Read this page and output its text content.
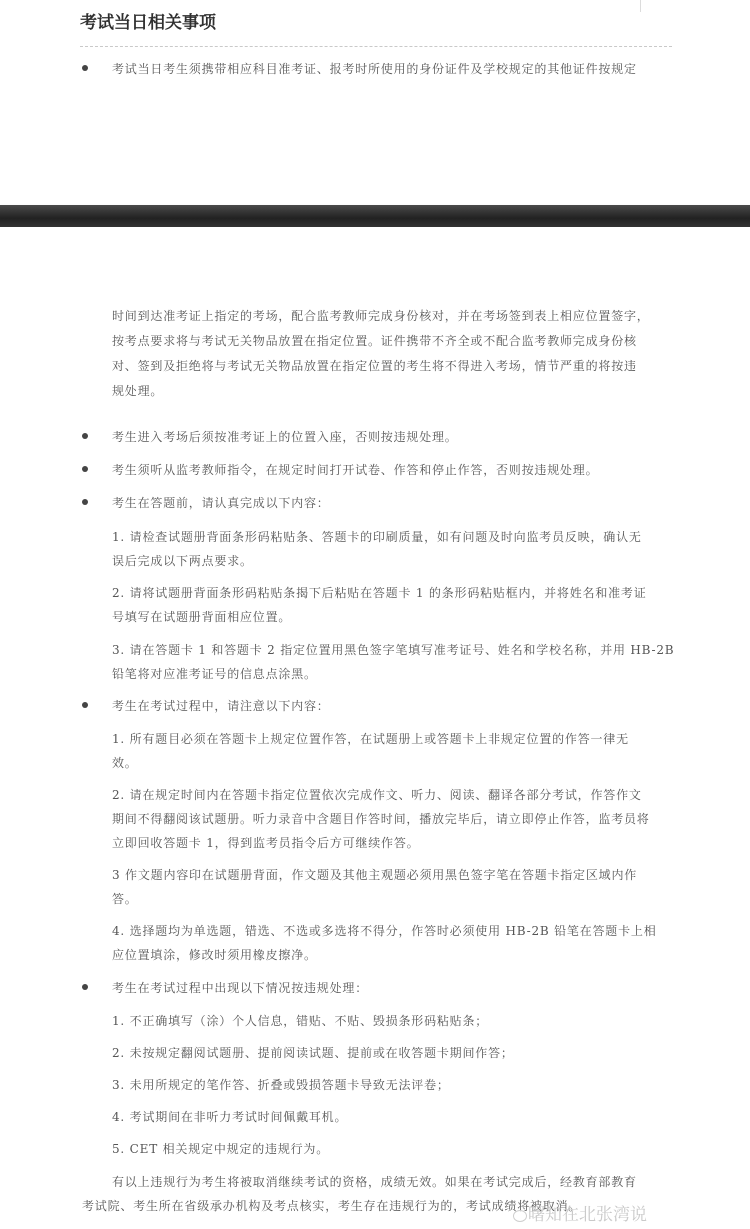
考试当日相关事项
考试当日考生须携带相应科目准考证、报考时所使用的身份证件及学校规定的其他证件按规定
时间到达准考证上指定的考场，配合监考教师完成身份核对，并在考场签到表上相应位置签字，
按考点要求将与考试无关物品放置在指定位置。证件携带不齐全或不配合监考教师完成身份核
对、签到及拒绝将与考试无关物品放置在指定位置的考生将不得进入考场，情节严重的将按违
规处理。
考生进入考场后须按准考证上的位置入座，否则按违规处理。
考生须听从监考教师指令，在规定时间打开试卷、作答和停止作答，否则按违规处理。
考生在答题前，请认真完成以下内容：
1. 请检查试题册背面条形码粘贴条、答题卡的印刷质量，如有问题及时向监考员反映，确认无
误后完成以下两点要求。
2. 请将试题册背面条形码粘贴条揭下后粘贴在答题卡 1 的条形码粘贴框内，并将姓名和准考证
号填写在试题册背面相应位置。
3. 请在答题卡 1 和答题卡 2 指定位置用黑色签字笔填写准考证号、姓名和学校名称，并用 HB-2B
铅笔将对应准考证号的信息点涂黑。
考生在考试过程中，请注意以下内容：
1. 所有题目必须在答题卡上规定位置作答，在试题册上或答题卡上非规定位置的作答一律无
效。
2. 请在规定时间内在答题卡指定位置依次完成作文、听力、阅读、翻译各部分考试，作答作文
期间不得翻阅该试题册。听力录音中含题目作答时间，播放完毕后，请立即停止作答，监考员将
立即回收答题卡 1，得到监考员指令后方可继续作答。
3 作文题内容印在试题册背面，作文题及其他主观题必须用黑色签字笔在答题卡指定区域内作
答。
4. 选择题均为单选题，错选、不选或多选将不得分，作答时必须使用 HB-2B 铅笔在答题卡上相
应位置填涂，修改时须用橡皮擦净。
考生在考试过程中出现以下情况按违规处理：
1. 不正确填写（涂）个人信息，错贴、不贴、毁损条形码粘贴条；
2. 未按规定翻阅试题册、提前阅读试题、提前或在收答题卡期间作答；
3. 未用所规定的笔作答、折叠或毁损答题卡导致无法评卷；
4. 考试期间在非听力考试时间佩戴耳机。
5. CET 相关规定中规定的违规行为。
有以上违规行为考生将被取消继续考试的资格，成绩无效。如果在考试完成后，经教育部教育
考试院、考生所在省级承办机构及考点核实，考生存在违规行为的，考试成绩将被取消。
曙知在北张湾说
